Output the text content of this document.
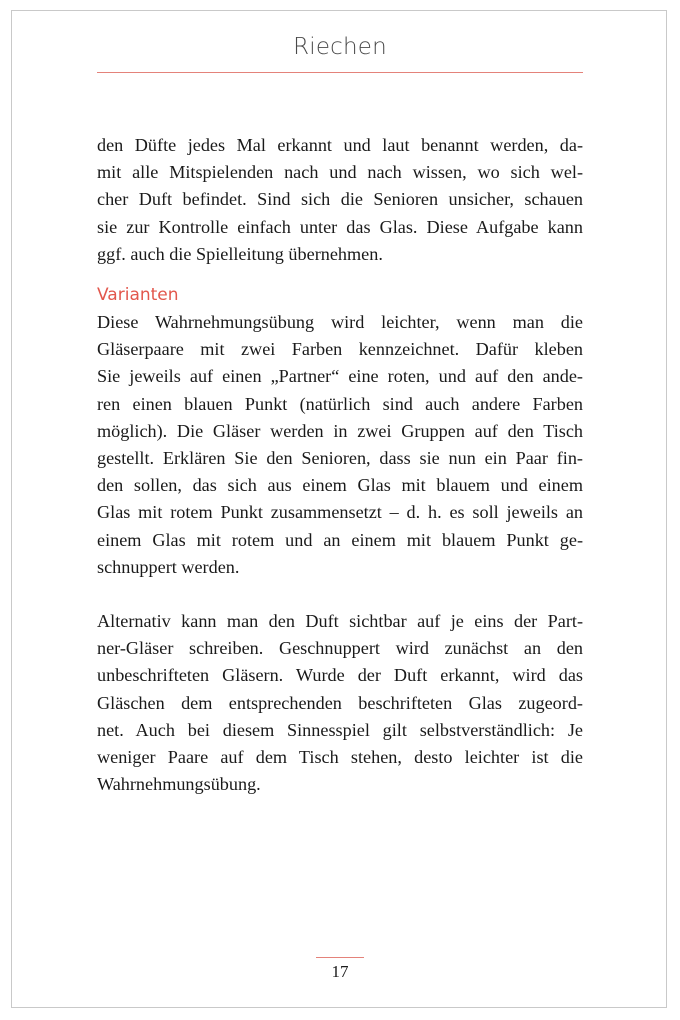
Riechen

den Düfte jedes Mal erkannt und laut benannt werden, da-
mit alle Mitspielenden nach und nach wissen, wo sich wel-
cher Duft befindet. Sind sich die Senioren unsicher, schauen
sie zur Kontrolle einfach unter das Glas. Diese Aufgabe kann
ggf. auch die Spielleitung übernehmen.

Varianten

Diese Wahrnehmungsübung wird leichter, wenn man die
Gläserpaare mit zwei Farben kennzeichnet. Dafür kleben
Sie jeweils auf einen „Partner“ eine roten, und auf den ande-
ren einen blauen Punkt (natürlich sind auch andere Farben
möglich). Die Gläser werden in zwei Gruppen auf den Tisch
gestellt. Erklären Sie den Senioren, dass sie nun ein Paar fin-
den sollen, das sich aus einem Glas mit blauem und einem
Glas mit rotem Punkt zusammensetzt – d. h. es soll jeweils an
einem Glas mit rotem und an einem mit blauem Punkt ge-
schnuppert werden.

Alternativ kann man den Duft sichtbar auf je eins der Part-
ner-Gläser schreiben. Geschnuppert wird zunächst an den
unbeschrifteten Gläsern. Wurde der Duft erkannt, wird das
Gläschen dem entsprechenden beschrifteten Glas zugeord-
net. Auch bei diesem Sinnesspiel gilt selbstverständlich: Je
weniger Paare auf dem Tisch stehen, desto leichter ist die
Wahrnehmungsübung.

17
